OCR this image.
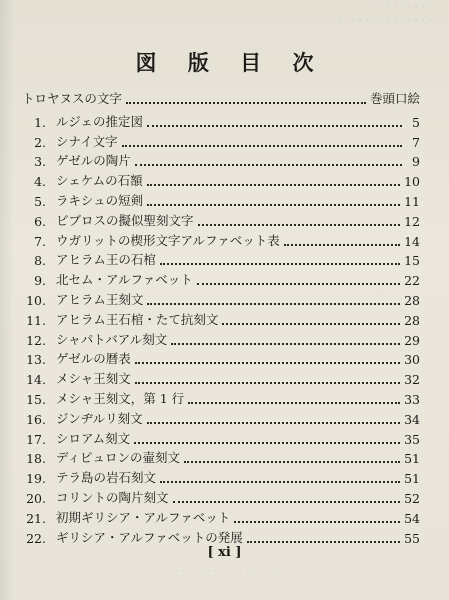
· · · · · · · · ·
· · · · · · · · · · · · · ·
図 版 目 次
トロヤヌスの文字	巻頭口絵
1. ルジェの推定図	5
2. シナイ文字	7
3. ゲゼルの陶片	9
4. シェケムの石額	10
5. ラキシュの短剣	11
6. ビブロスの擬似聖刻文字	12
7. ウガリットの楔形文字アルファベット表	14
8. アヒラム王の石棺	15
9. 北セム・アルファベット	22
10. アヒラム王刻文	28
11. アヒラム王石棺・たて抗刻文	28
12. シャパトバアル刻文	29
13. ゲゼルの暦表	30
14. メシャ王刻文	32
15. メシャ王刻文，第 1 行	33
16. ジンヂルリ刻文	34
17. シロアム刻文	35
18. ディピュロンの壷刻文	51
19. テラ島の岩石刻文	51
20. コリントの陶片刻文	52
21. 初期ギリシア・アルファベット	54
22. ギリシア・アルファベットの発展	55
[ xi ]
· · · · · · · · · · · · · · · · · ·
